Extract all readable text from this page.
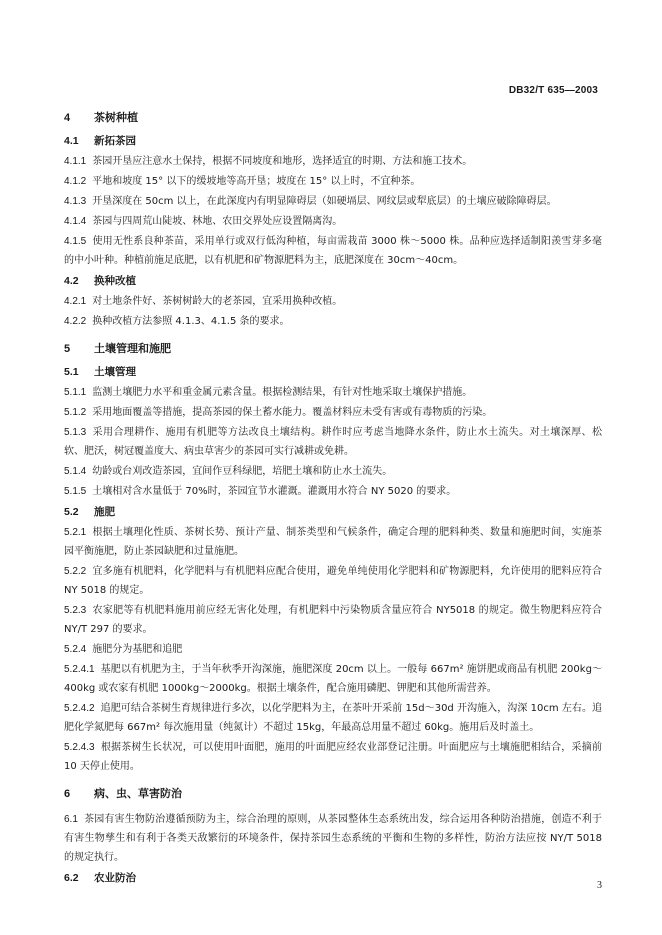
DB32/T 635—2003
4 茶树种植
4.1 新拓茶园
4.1.1 茶园开垦应注意水土保持，根据不同坡度和地形，选择适宜的时期、方法和施工技术。
4.1.2 平地和坡度 15° 以下的缓坡地等高开垦；坡度在 15° 以上时，不宜种茶。
4.1.3 开垦深度在 50cm 以上，在此深度内有明显障碍层（如硬塥层、网纹层或犁底层）的土壤应破除障碍层。
4.1.4 茶园与四周荒山陡坡、林地、农田交界处应设置隔离沟。
4.1.5 使用无性系良种茶苗，采用单行或双行低沟种植，每亩需栽苗 3000 株～5000 株。品种应选择适制阳羡雪芽多毫的中小叶种。种植前施足底肥，以有机肥和矿物源肥料为主，底肥深度在 30cm～40cm。
4.2 换种改植
4.2.1 对土地条件好、茶树树龄大的老茶园，宜采用换种改植。
4.2.2 换种改植方法参照 4.1.3、4.1.5 条的要求。
5 土壤管理和施肥
5.1 土壤管理
5.1.1 监测土壤肥力水平和重金属元素含量。根据检测结果，有针对性地采取土壤保护措施。
5.1.2 采用地面覆盖等措施，提高茶园的保土蓄水能力。覆盖材料应未受有害或有毒物质的污染。
5.1.3 采用合理耕作、施用有机肥等方法改良土壤结构。耕作时应考虑当地降水条件，防止水土流失。对土壤深厚、松软、肥沃，树冠覆盖度大、病虫草害少的茶园可实行减耕或免耕。
5.1.4 幼龄或台刈改造茶园，宜间作豆科绿肥，培肥土壤和防止水土流失。
5.1.5 土壤相对含水量低于 70%时，茶园宜节水灌溉。灌溉用水符合 NY 5020 的要求。
5.2 施肥
5.2.1 根据土壤理化性质、茶树长势、预计产量、制茶类型和气候条件，确定合理的肥料种类、数量和施肥时间，实施茶园平衡施肥，防止茶园缺肥和过量施肥。
5.2.2 宜多施有机肥料，化学肥料与有机肥料应配合使用，避免单纯使用化学肥料和矿物源肥料，允许使用的肥料应符合 NY 5018 的规定。
5.2.3 农家肥等有机肥料施用前应经无害化处理，有机肥料中污染物质含量应符合 NY5018 的规定。微生物肥料应符合 NY/T 297 的要求。
5.2.4 施肥分为基肥和追肥
5.2.4.1 基肥以有机肥为主，于当年秋季开沟深施，施肥深度 20cm 以上。一般每 667m² 施饼肥或商品有机肥 200kg～400kg 或农家有机肥 1000kg～2000kg。根据土壤条件，配合施用磷肥、钾肥和其他所需营养。
5.2.4.2 追肥可结合茶树生育规律进行多次，以化学肥料为主，在茶叶开采前 15d～30d 开沟施入，沟深 10cm 左右。追肥化学氮肥每 667m² 每次施用量（纯氮计）不超过 15kg，年最高总用量不超过 60kg。施用后及时盖土。
5.2.4.3 根据茶树生长状况，可以使用叶面肥，施用的叶面肥应经农业部登记注册。叶面肥应与土壤施肥相结合，采摘前 10 天停止使用。
6 病、虫、草害防治
6.1 茶园有害生物防治遵循预防为主，综合治理的原则，从茶园整体生态系统出发，综合运用各种防治措施，创造不利于有害生物孳生和有利于各类天敌繁衍的环境条件，保持茶园生态系统的平衡和生物的多样性，防治方法应按 NY/T 5018 的规定执行。
6.2 农业防治
3
